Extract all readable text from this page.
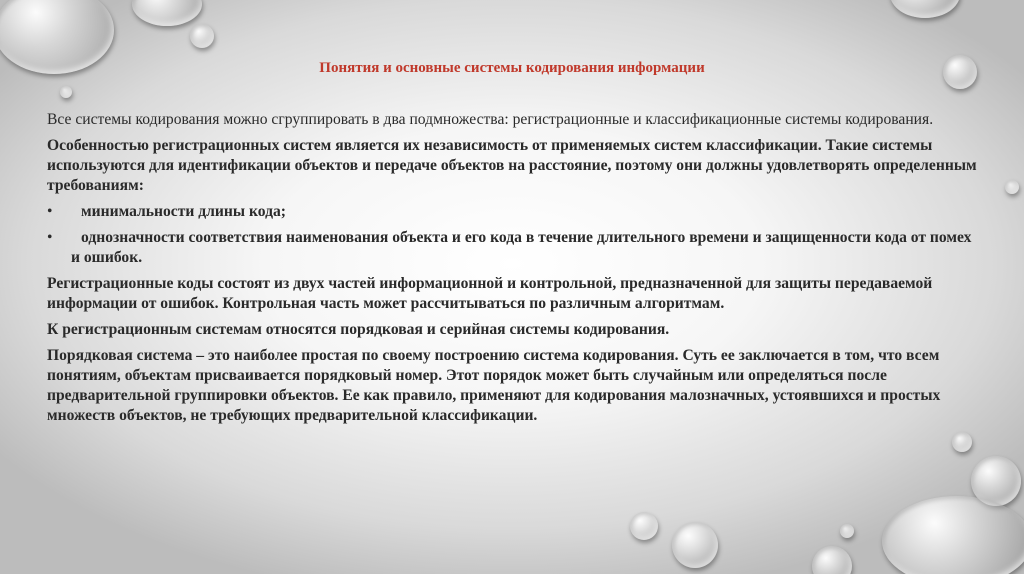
Понятия и основные системы кодирования информации

Все системы кодирования можно сгруппировать в два подмножества: регистрационные и классификационные системы кодирования.

Особенностью регистрационных систем является их независимость от применяемых систем классификации. Такие системы используются для идентификации объектов и передаче объектов на расстояние, поэтому они должны удовлетворять определенным требованиям:

•	минимальности длины кода;
•	однозначности соответствия наименования объекта и его кода в течение длительного времени и защищенности кода от помех и ошибок.

Регистрационные коды состоят из двух частей информационной и контрольной, предназначенной для защиты передаваемой информации от ошибок. Контрольная часть может рассчитываться по различным алгоритмам.

К регистрационным системам относятся порядковая и серийная системы кодирования.

Порядковая система – это наиболее простая по своему построению система кодирования. Суть ее заключается в том, что всем понятиям, объектам присваивается порядковый номер. Этот порядок может быть случайным или определяться после предварительной группировки объектов. Ее как правило, применяют для кодирования малозначных, устоявшихся и простых множеств объектов, не требующих предварительной классификации.
